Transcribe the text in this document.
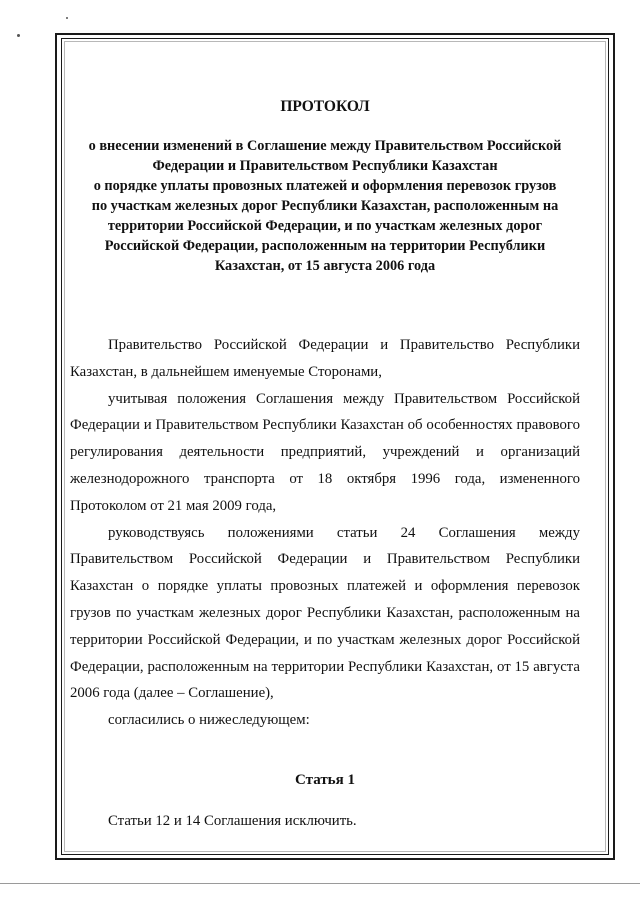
ПРОТОКОЛ

о внесении изменений в Соглашение между Правительством Российской
Федерации и Правительством Республики Казахстан
о порядке уплаты провозных платежей и оформления перевозок грузов
по участкам железных дорог Республики Казахстан, расположенным на
территории Российской Федерации, и по участкам железных дорог
Российской Федерации, расположенным на территории Республики
Казахстан, от 15 августа 2006 года

Правительство Российской Федерации и Правительство Республики Казахстан, в дальнейшем именуемые Сторонами,

учитывая положения Соглашения между Правительством Российской Федерации и Правительством Республики Казахстан об особенностях правового регулирования деятельности предприятий, учреждений и организаций железнодорожного транспорта от 18 октября 1996 года, измененного Протоколом от 21 мая 2009 года,

руководствуясь положениями статьи 24 Соглашения между Правительством Российской Федерации и Правительством Республики Казахстан о порядке уплаты провозных платежей и оформления перевозок грузов по участкам железных дорог Республики Казахстан, расположенным на территории Российской Федерации, и по участкам железных дорог Российской Федерации, расположенным на территории Республики Казахстан, от 15 августа 2006 года (далее – Соглашение),

согласились о нижеследующем:

Статья 1

Статьи 12 и 14 Соглашения исключить.
